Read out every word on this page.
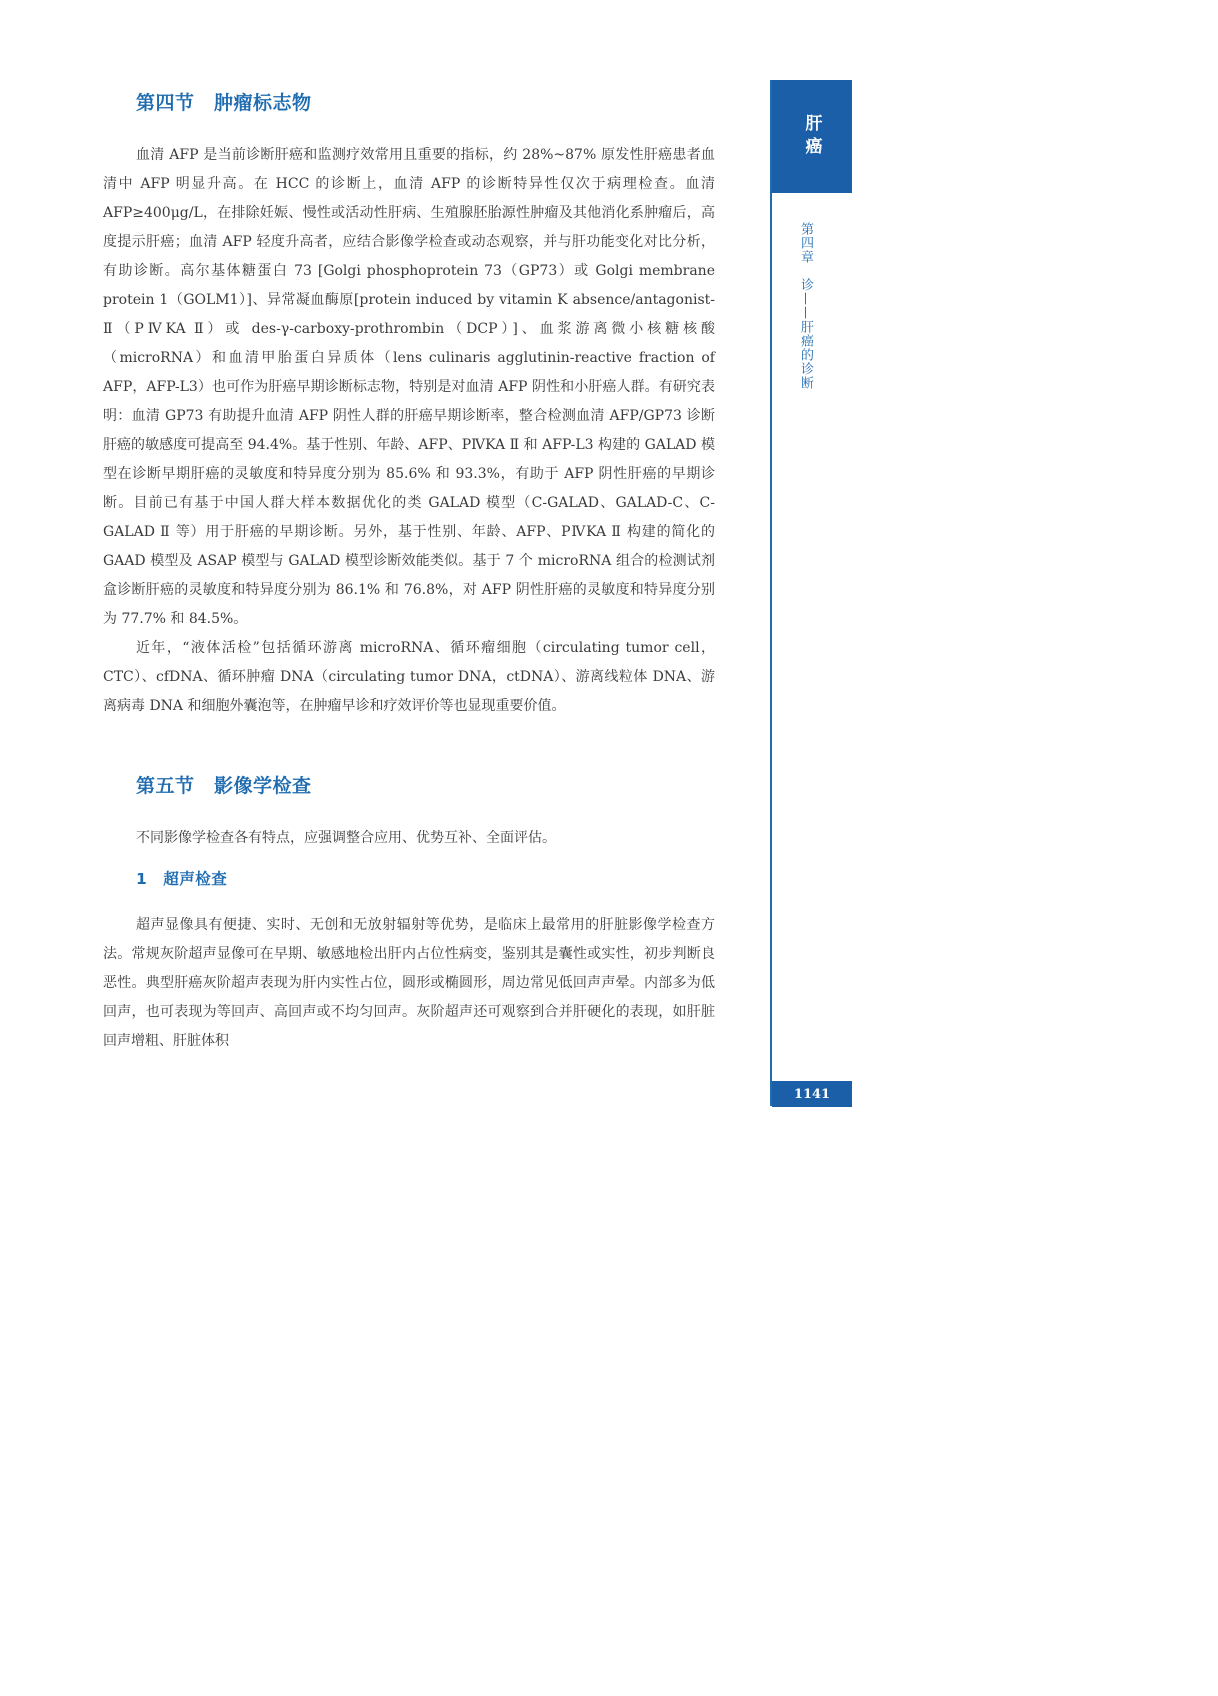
第四节　肿瘤标志物

血清 AFP 是当前诊断肝癌和监测疗效常用且重要的指标，约 28%~87% 原发性肝癌患者血清中 AFP 明显升高。在 HCC 的诊断上，血清 AFP 的诊断特异性仅次于病理检查。血清 AFP≥400μg/L，在排除妊娠、慢性或活动性肝病、生殖腺胚胎源性肿瘤及其他消化系肿瘤后，高度提示肝癌；血清 AFP 轻度升高者，应结合影像学检查或动态观察，并与肝功能变化对比分析，有助诊断。高尔基体糖蛋白 73 [Golgi phosphoprotein 73（GP73）或 Golgi membrane protein 1（GOLM1）]、异常凝血酶原[protein induced by vitamin K absence/antagonist-Ⅱ（PⅣKA Ⅱ）或 des-γ-carboxy-prothrombin（DCP）]、血浆游离微小核糖核酸（microRNA）和血清甲胎蛋白异质体（lens culinaris agglutinin-reactive fraction of AFP，AFP-L3）也可作为肝癌早期诊断标志物，特别是对血清 AFP 阴性和小肝癌人群。有研究表明：血清 GP73 有助提升血清 AFP 阴性人群的肝癌早期诊断率，整合检测血清 AFP/GP73 诊断肝癌的敏感度可提高至 94.4%。基于性别、年龄、AFP、PⅣKA Ⅱ 和 AFP-L3 构建的 GALAD 模型在诊断早期肝癌的灵敏度和特异度分别为 85.6% 和 93.3%，有助于 AFP 阴性肝癌的早期诊断。目前已有基于中国人群大样本数据优化的类 GALAD 模型（C-GALAD、GALAD-C、C-GALAD Ⅱ 等）用于肝癌的早期诊断。另外，基于性别、年龄、AFP、PⅣKA Ⅱ 构建的简化的 GAAD 模型及 ASAP 模型与 GALAD 模型诊断效能类似。基于 7 个 microRNA 组合的检测试剂盒诊断肝癌的灵敏度和特异度分别为 86.1% 和 76.8%，对 AFP 阴性肝癌的灵敏度和特异度分别为 77.7% 和 84.5%。

近年，“液体活检”包括循环游离 microRNA、循环瘤细胞（circulating tumor cell，CTC）、cfDNA、循环肿瘤 DNA（circulating tumor DNA，ctDNA）、游离线粒体 DNA、游离病毒 DNA 和细胞外囊泡等，在肿瘤早诊和疗效评价等也显现重要价值。

第五节　影像学检查

不同影像学检查各有特点，应强调整合应用、优势互补、全面评估。

1　超声检查

超声显像具有便捷、实时、无创和无放射辐射等优势，是临床上最常用的肝脏影像学检查方法。常规灰阶超声显像可在早期、敏感地检出肝内占位性病变，鉴别其是囊性或实性，初步判断良恶性。典型肝癌灰阶超声表现为肝内实性占位，圆形或椭圆形，周边常见低回声声晕。内部多为低回声，也可表现为等回声、高回声或不均匀回声。灰阶超声还可观察到合并肝硬化的表现，如肝脏回声增粗、肝脏体积

肝癌
第四章　诊——肝癌的诊断
1141
